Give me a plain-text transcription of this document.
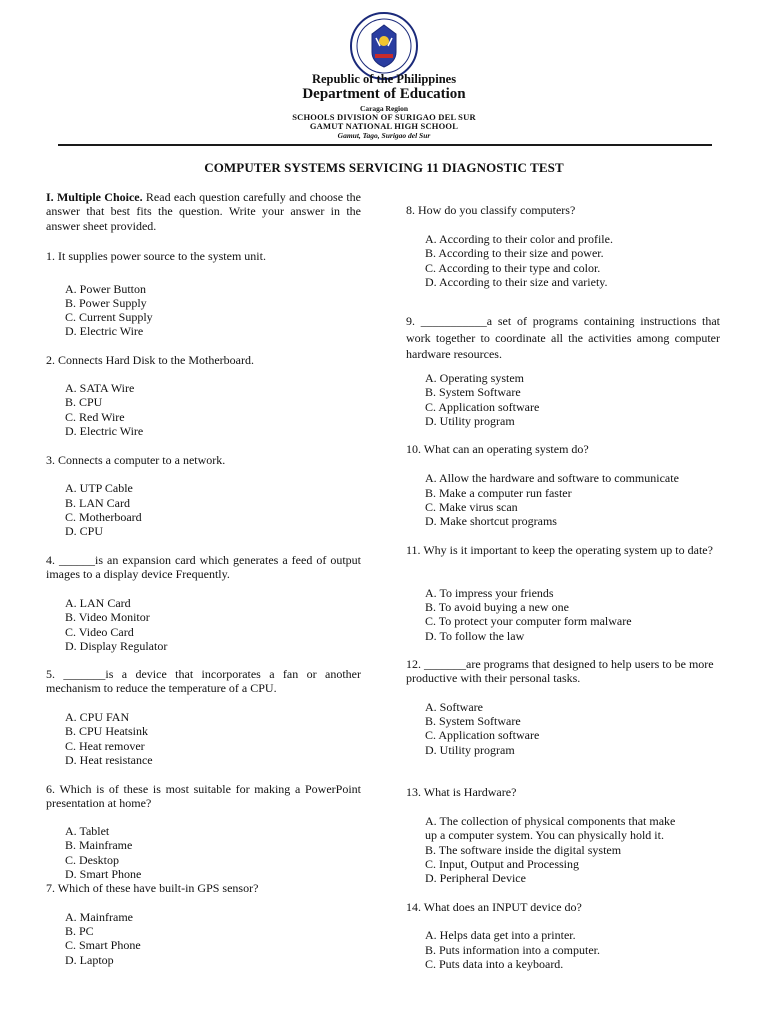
Republic of the Philippines
Department of Education
Caraga Region
SCHOOLS DIVISION OF SURIGAO DEL SUR
GAMUT NATIONAL HIGH SCHOOL
Gamut, Tago, Surigao del Sur
COMPUTER SYSTEMS SERVICING 11 DIAGNOSTIC TEST
I. Multiple Choice. Read each question carefully and choose the answer that best fits the question. Write your answer in the answer sheet provided.
1. It supplies power source to the system unit.
A. Power Button
B. Power Supply
C. Current Supply
D. Electric Wire
2. Connects Hard Disk to the Motherboard.
A. SATA Wire
B. CPU
C. Red Wire
D. Electric Wire
3. Connects a computer to a network.
A. UTP Cable
B. LAN Card
C. Motherboard
D. CPU
4. ______is an expansion card which generates a feed of output images to a display device Frequently.
A. LAN Card
B. Video Monitor
C. Video Card
D. Display Regulator
5. _______is a device that incorporates a fan or another mechanism to reduce the temperature of a CPU.
A. CPU FAN
B. CPU Heatsink
C. Heat remover
D. Heat resistance
6. Which is of these is most suitable for making a PowerPoint presentation at home?
A. Tablet
B. Mainframe
C. Desktop
D. Smart Phone
7. Which of these have built-in GPS sensor?
A. Mainframe
B. PC
C. Smart Phone
D. Laptop
8. How do you classify computers?
A. According to their color and profile.
B. According to their size and power.
C. According to their type and color.
D. According to their size and variety.
9. ___________a set of programs containing instructions that work together to coordinate all the activities among computer hardware resources.
A. Operating system
B. System Software
C. Application software
D. Utility program
10. What can an operating system do?
A. Allow the hardware and software to communicate
B. Make a computer run faster
C. Make virus scan
D. Make shortcut programs
11. Why is it important to keep the operating system up to date?
A. To impress your friends
B. To avoid buying a new one
C. To protect your computer form malware
D. To follow the law
12. _______are programs that designed to help users to be more productive with their personal tasks.
A. Software
B. System Software
C. Application software
D. Utility program
13. What is Hardware?
A. The collection of physical components that make
up a computer system. You can physically hold it.
B. The software inside the digital system
C. Input, Output and Processing
D. Peripheral Device
14. What does an INPUT device do?
A. Helps data get into a printer.
B. Puts information into a computer.
C. Puts data into a keyboard.
